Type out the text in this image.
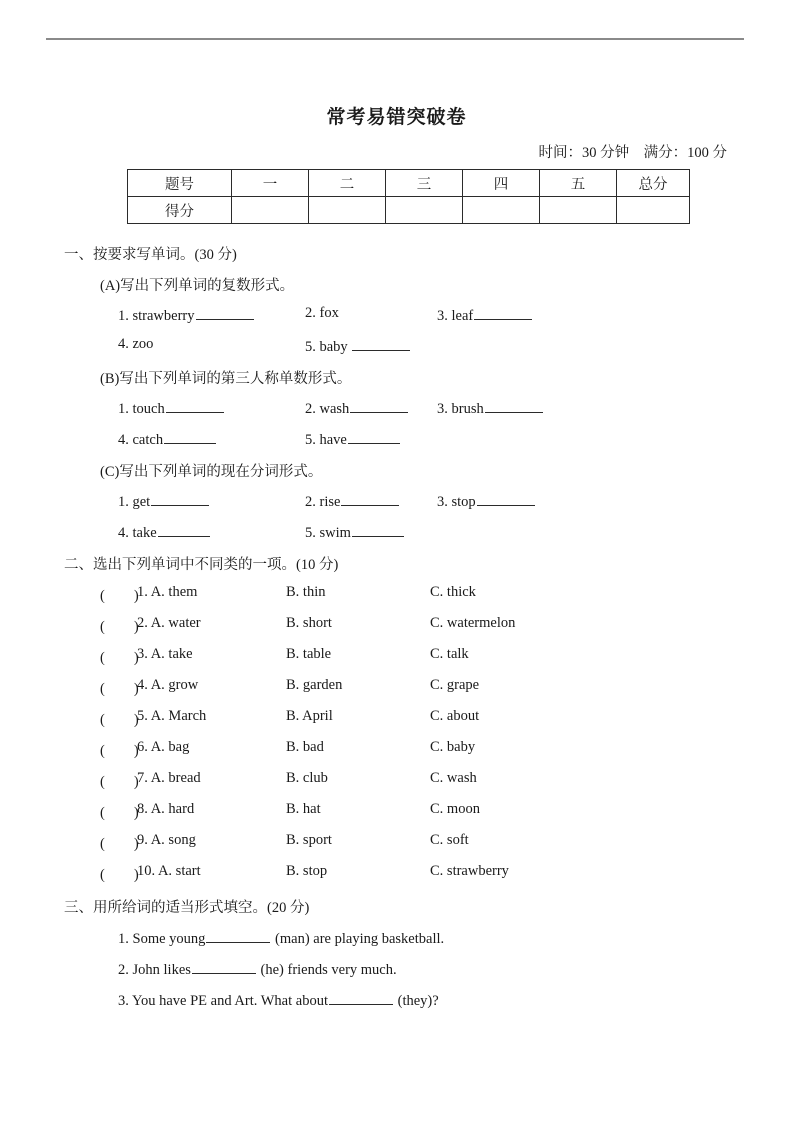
常考易错突破卷
时间：30 分钟　满分：100 分
题号	一	二	三	四	五	总分
得分						
一、按要求写单词。(30 分)
(A)写出下列单词的复数形式。
1. strawberry	2. fox	3. leaf
4. zoo	5. baby
(B)写出下列单词的第三人称单数形式。
1. touch	2. wash	3. brush
4. catch	5. have
(C)写出下列单词的现在分词形式。
1. get	2. rise	3. stop
4. take	5. swim
二、选出下列单词中不同类的一项。(10 分)
(　　)
1. A. them	B. thin	C. thick
(　　)
2. A. water	B. short	C. watermelon
(　　)
3. A. take	B. table	C. talk
(　　)
4. A. grow	B. garden	C. grape
(　　)
5. A. March	B. April	C. about
(　　)
6. A. bag	B. bad	C. baby
(　　)
7. A. bread	B. club	C. wash
(　　)
8. A. hard	B. hat	C. moon
(　　)
9. A. song	B. sport	C. soft
(　　)
10. A. start	B. stop	C. strawberry
三、用所给词的适当形式填空。(20 分)
1. Some young	(man) are playing basketball.
2. John likes	(he) friends very much.
3. You have PE and Art. What about	(they)?
